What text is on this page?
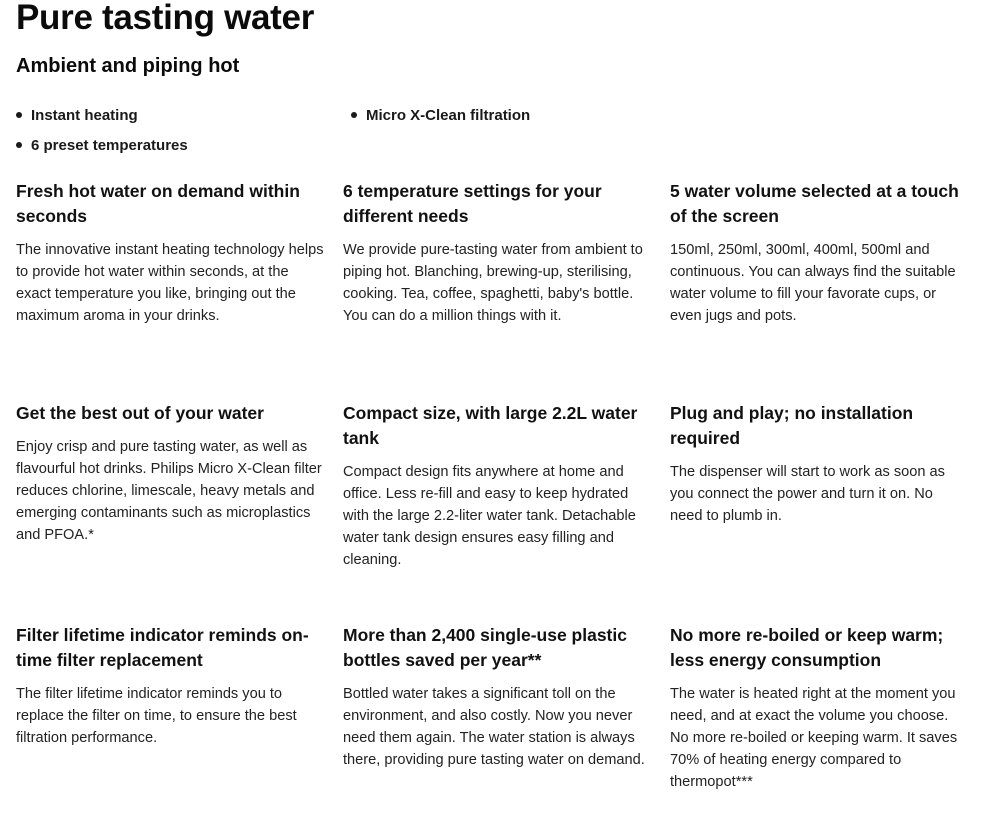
Pure tasting water
Ambient and piping hot
Instant heating	Micro X-Clean filtration
6 preset temperatures
Fresh hot water on demand within seconds

The innovative instant heating technology helps to provide hot water within seconds, at the exact temperature you like, bringing out the maximum aroma in your drinks.

6 temperature settings for your different needs

We provide pure-tasting water from ambient to piping hot. Blanching, brewing-up, sterilising, cooking. Tea, coffee, spaghetti, baby's bottle. You can do a million things with it.

5 water volume selected at a touch of the screen

150ml, 250ml, 300ml, 400ml, 500ml and continuous. You can always find the suitable water volume to fill your favorate cups, or even jugs and pots.

Get the best out of your water

Enjoy crisp and pure tasting water, as well as flavourful hot drinks. Philips Micro X-Clean filter reduces chlorine, limescale, heavy metals and emerging contaminants such as microplastics and PFOA.*

Compact size, with large 2.2L water tank

Compact design fits anywhere at home and office. Less re-fill and easy to keep hydrated with the large 2.2-liter water tank. Detachable water tank design ensures easy filling and cleaning.

Plug and play; no installation required

The dispenser will start to work as soon as you connect the power and turn it on. No need to plumb in.

Filter lifetime indicator reminds on-time filter replacement

The filter lifetime indicator reminds you to replace the filter on time, to ensure the best filtration performance.

More than 2,400 single-use plastic bottles saved per year**

Bottled water takes a significant toll on the environment, and also costly. Now you never need them again. The water station is always there, providing pure tasting water on demand.

No more re-boiled or keep warm; less energy consumption

The water is heated right at the moment you need, and at exact the volume you choose. No more re-boiled or keeping warm. It saves 70% of heating energy compared to thermopot***
